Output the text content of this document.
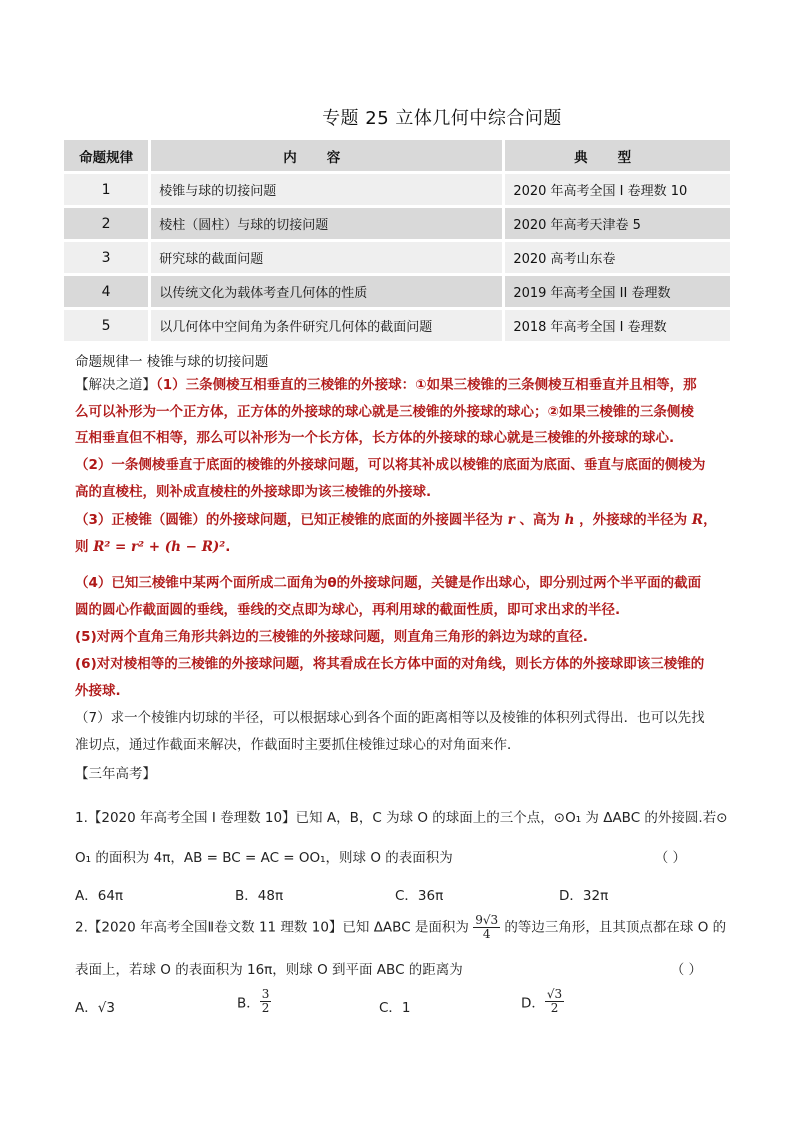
专题 25 立体几何中综合问题
命题规律	内容	典型
1	棱锥与球的切接问题	2020 年高考全国 I 卷理数 10
2	棱柱（圆柱）与球的切接问题	2020 年高考天津卷 5
3	研究球的截面问题	2020 高考山东卷
4	以传统文化为载体考查几何体的性质	2019 年高考全国 II 卷理数
5	以几何体中空间角为条件研究几何体的截面问题	2018 年高考全国 I 卷理数
命题规律一 棱锥与球的切接问题
【解决之道】（1）三条侧棱互相垂直的三棱锥的外接球：①如果三棱锥的三条侧棱互相垂直并且相等，那
么可以补形为一个正方体，正方体的外接球的球心就是三棱锥的外接球的球心；②如果三棱锥的三条侧棱
互相垂直但不相等，那么可以补形为一个长方体，长方体的外接球的球心就是三棱锥的外接球的球心.
（2）一条侧棱垂直于底面的棱锥的外接球问题，可以将其补成以棱锥的底面为底面、垂直与底面的侧棱为
高的直棱柱，则补成直棱柱的外接球即为该三棱锥的外接球.
（3）正棱锥（圆锥）的外接球问题，已知正棱锥的底面的外接圆半径为 r 、高为 h ，外接球的半径为 R，
则 R² = r² + (h − R)².
（4）已知三棱锥中某两个面所成二面角为θ的外接球问题，关键是作出球心，即分别过两个半平面的截面
圆的圆心作截面圆的垂线，垂线的交点即为球心，再利用球的截面性质，即可求出求的半径.
(5)对两个直角三角形共斜边的三棱锥的外接球问题，则直角三角形的斜边为球的直径.
(6)对对棱相等的三棱锥的外接球问题，将其看成在长方体中面的对角线，则长方体的外接球即该三棱锥的
外接球.
（7）求一个棱锥内切球的半径，可以根据球心到各个面的距离相等以及棱锥的体积列式得出．也可以先找
准切点，通过作截面来解决，作截面时主要抓住棱锥过球心的对角面来作．
【三年高考】
1.【2020 年高考全国 I 卷理数 10】已知 A，B，C 为球 O 的球面上的三个点，⊙O₁ 为 ΔABC 的外接圆.若⊙
O₁ 的面积为 4π，AB = BC = AC = OO₁，则球 O 的表面积为	（ ）
A．64π	B．48π	C．36π	D．32π
2.【2020 年高考全国Ⅱ卷文数 11 理数 10】已知 ΔABC 是面积为 $\frac{9√3}{4}$ 的等边三角形，且其顶点都在球 O 的
表面上，若球 O 的表面积为 16π，则球 O 到平面 ABC 的距离为	（ ）
A．√3	B． $\frac{3}{2}$	C．1	D． $\frac{√3}{2}$
